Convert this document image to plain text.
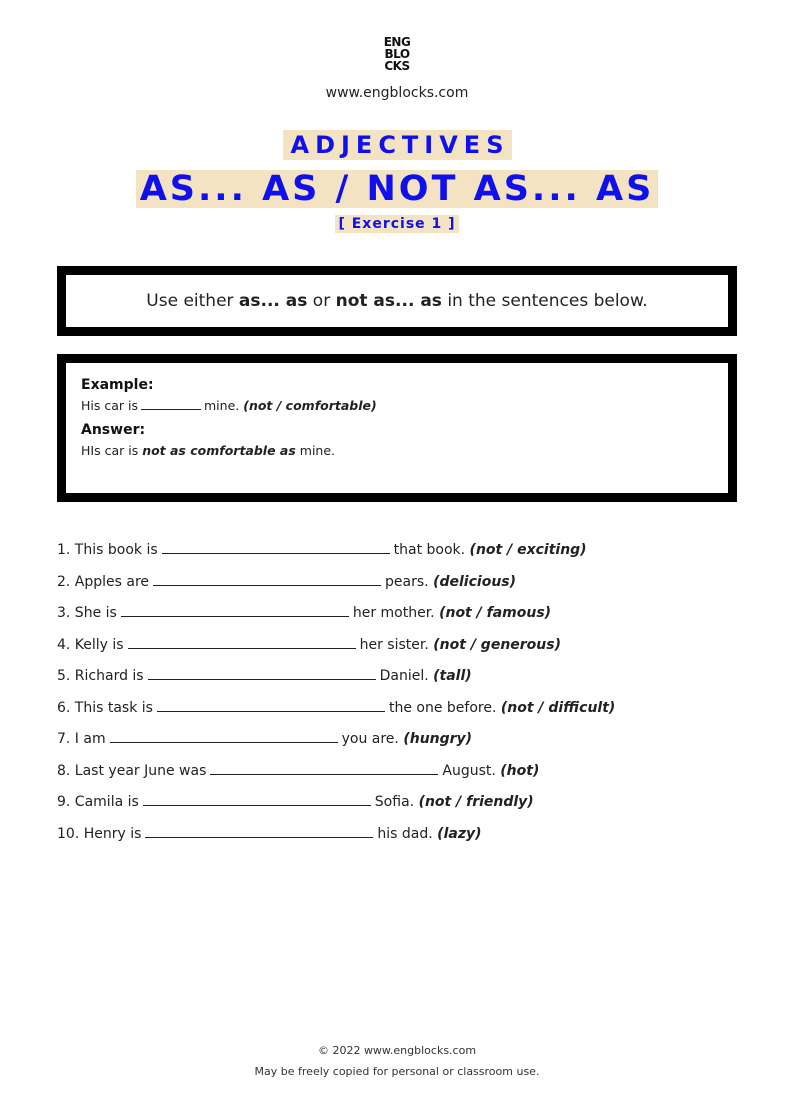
ENG
BLO
CKS
www.engblocks.com
ADJECTIVES
AS... AS / NOT AS... AS
[ Exercise 1 ]
Use either as... as or not as... as in the sentences below.
Example:
His car is	mine. (not / comfortable)
Answer:
HIs car is not as comfortable as mine.
1. This book is	that book. (not / exciting)
2. Apples are	pears. (delicious)
3. She is	her mother. (not / famous)
4. Kelly is	her sister. (not / generous)
5. Richard is	Daniel. (tall)
6. This task is	the one before. (not / difficult)
7. I am	you are. (hungry)
8. Last year June was	August. (hot)
9. Camila is	Sofia. (not / friendly)
10. Henry is	his dad. (lazy)
© 2022 www.engblocks.com
May be freely copied for personal or classroom use.
